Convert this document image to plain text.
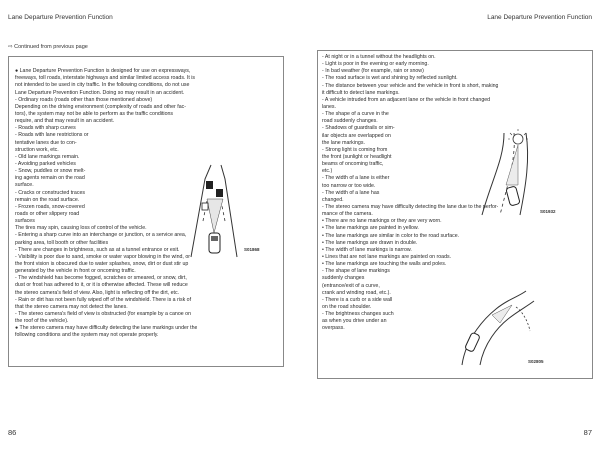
Lane Departure Prevention Function	Lane Departure Prevention Function
⇨ Continued from previous page
● Lane Departure Prevention Function is designed for use on expressways,
freeways, toll roads, interstate highways and similar limited access roads. It is
not intended to be used in city traffic. In the following conditions, do not use
Lane Departure Prevention Function. Doing so may result in an accident.
- Ordinary roads (roads other than those mentioned above)
Depending on the driving environment (complexity of roads and other fac-
tors), the system may not be able to perform as the traffic conditions
require, and that may result in an accident.
- Roads with sharp curves
- Roads with lane restrictions or
tentative lanes due to con-
struction work, etc.
- Old lane markings remain.
- Avoiding parked vehicles
- Snow, puddles or snow melt-
ing agents remain on the road
surface.
- Cracks or constructed traces
remain on the road surface.
- Frozen roads, snow-covered
roads or other slippery road
surfaces
The tires may spin, causing loss of control of the vehicle.
- Entering a sharp curve into an interchange or junction, or a service area,
parking area, toll booth or other facilities
- There are changes in brightness, such as at a tunnel entrance or exit.
- Visibility is poor due to sand, smoke or water vapor blowing in the wind, or
the front vision is obscured due to water splashes, snow, dirt or dust stir up
generated by the vehicle in front or oncoming traffic.
- The windshield has become fogged, scratches or smeared, or snow, dirt,
dust or frost has adhered to it, or it is otherwise affected. These will reduce
the stereo camera's field of view. Also, light is reflecting off the dirt, etc.
- Rain or dirt has not been fully wiped off of the windshield. There is a risk of
that the stereo camera may not detect the lanes.
- The stereo camera's field of view is obstructed (for example by a canoe on
the roof of the vehicle).
● The stereo camera may have difficulty detecting the lane markings under the
following conditions and the system may not operate properly.
S01868
- At night or in a tunnel without the headlights on.
- Light is poor in the evening or early morning.
- In bad weather (for example, rain or snow)
- The road surface is wet and shining by reflected sunlight.
- The distance between your vehicle and the vehicle in front is short, making
it difficult to detect lane markings.
- A vehicle intruded from an adjacent lane or the vehicle in front changed
lanes.
- The shape of a curve in the
road suddenly changes.
- Shadows of guardrails or sim-
ilar objects are overlapped on
the lane markings.
- Strong light is coming from
the front (sunlight or headlight
beams of oncoming traffic,
etc.)
- The width of a lane is either
too narrow or too wide.
- The width of a lane has
changed.
- The stereo camera may have difficulty detecting the lane due to the perfor-
mance of the camera.
• There are no lane markings or they are very worn.
• The lane markings are painted in yellow.
• The lane markings are similar in color to the road surface.
• The lane markings are drawn in double.
• The width of lane markings is narrow.
• Lines that are not lane markings are painted on roads.
• The lane markings are touching the walls and poles.
- The shape of lane markings
suddenly changes
(entrance/exit of a curve,
crank and winding road, etc.).
- There is a curb or a side wall
on the road shoulder.
- The brightness changes such
as when you drive under an
overpass.
S01932
S02805
86	87
